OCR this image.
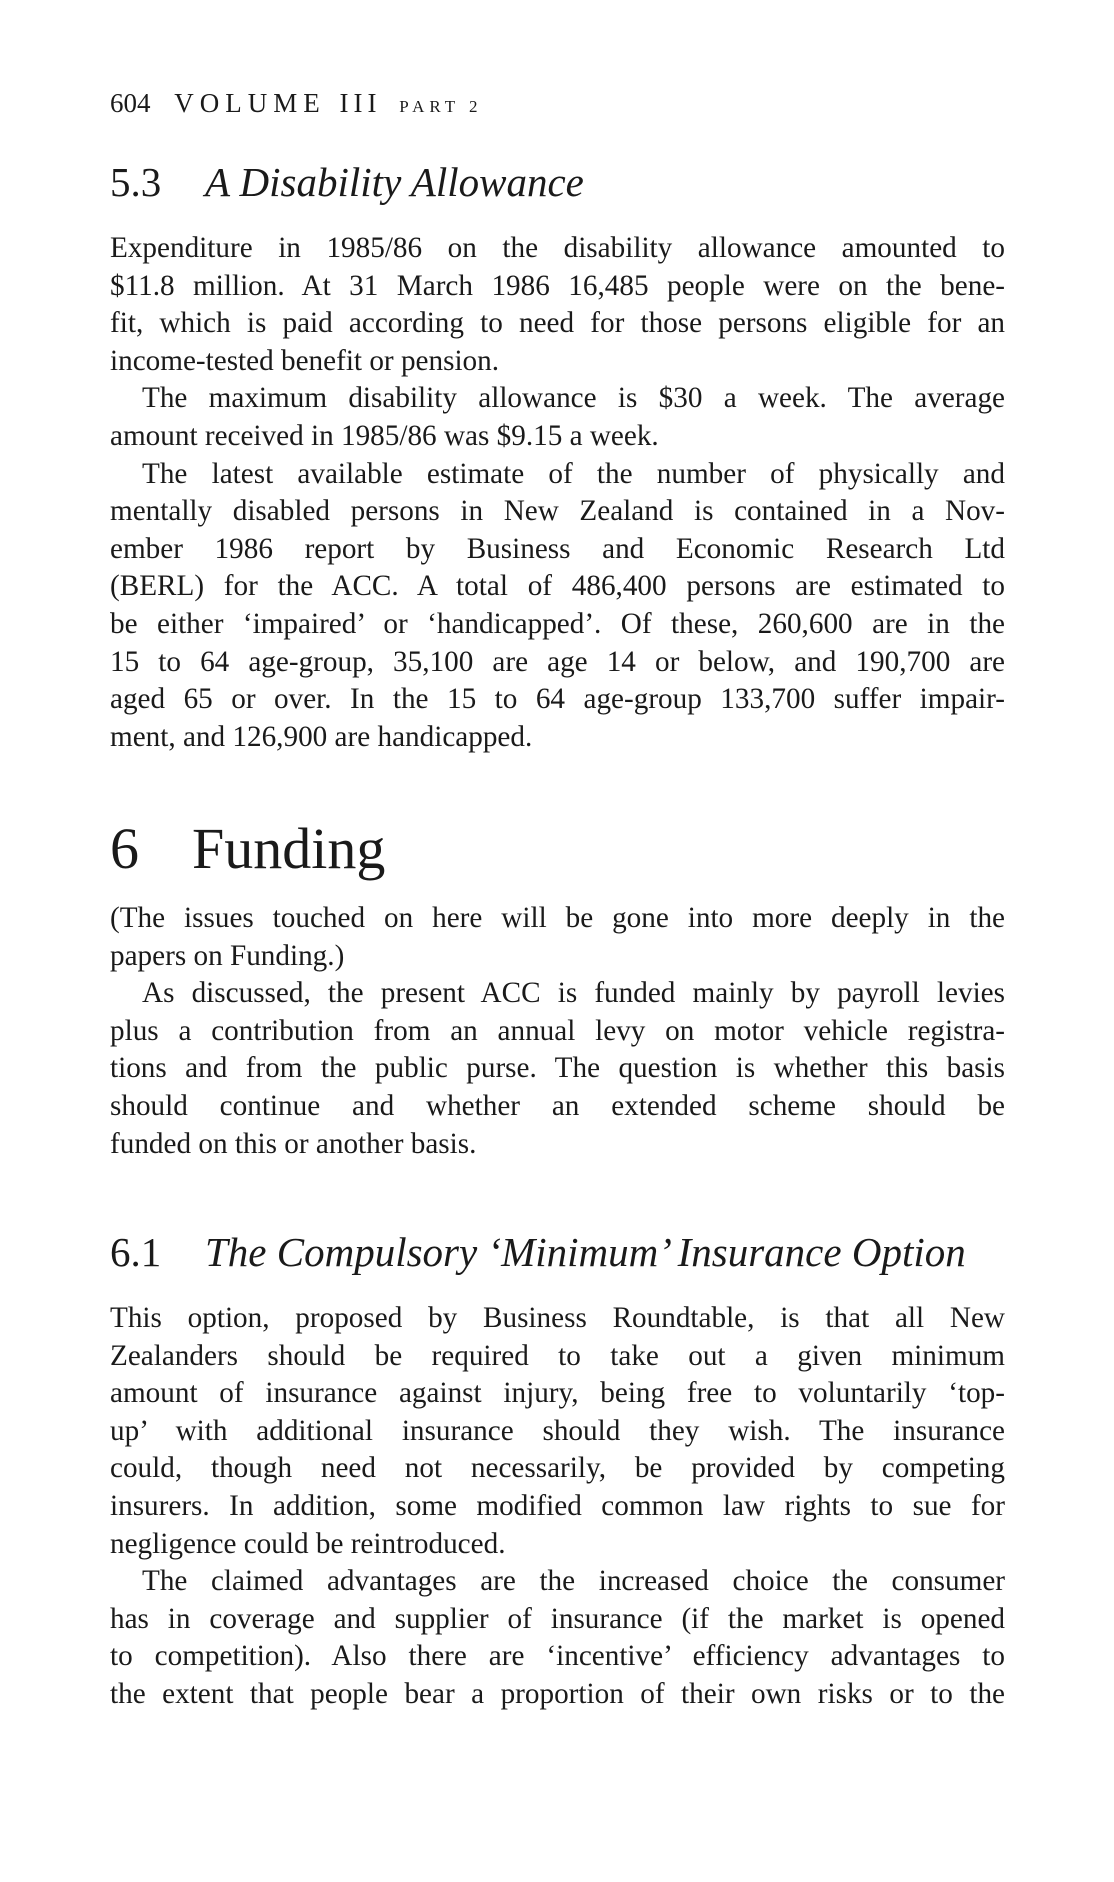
604 VOLUME III PART 2
5.3 A Disability Allowance

Expenditure in 1985/86 on the disability allowance amounted to
$11.8 million. At 31 March 1986 16,485 people were on the bene-
fit, which is paid according to need for those persons eligible for an
income-tested benefit or pension.

The maximum disability allowance is $30 a week. The average
amount received in 1985/86 was $9.15 a week.

The latest available estimate of the number of physically and
mentally disabled persons in New Zealand is contained in a Nov-
ember 1986 report by Business and Economic Research Ltd
(BERL) for the ACC. A total of 486,400 persons are estimated to
be either ‘impaired’ or ‘handicapped’. Of these, 260,600 are in the
15 to 64 age-group, 35,100 are age 14 or below, and 190,700 are
aged 65 or over. In the 15 to 64 age-group 133,700 suffer impair-
ment, and 126,900 are handicapped.

6 Funding

(The issues touched on here will be gone into more deeply in the
papers on Funding.)

As discussed, the present ACC is funded mainly by payroll levies
plus a contribution from an annual levy on motor vehicle registra-
tions and from the public purse. The question is whether this basis
should continue and whether an extended scheme should be
funded on this or another basis.

6.1 The Compulsory ‘Minimum’ Insurance Option

This option, proposed by Business Roundtable, is that all New
Zealanders should be required to take out a given minimum
amount of insurance against injury, being free to voluntarily ‘top-
up’ with additional insurance should they wish. The insurance
could, though need not necessarily, be provided by competing
insurers. In addition, some modified common law rights to sue for
negligence could be reintroduced.

The claimed advantages are the increased choice the consumer
has in coverage and supplier of insurance (if the market is opened
to competition). Also there are ‘incentive’ efficiency advantages to
the extent that people bear a proportion of their own risks or to the
